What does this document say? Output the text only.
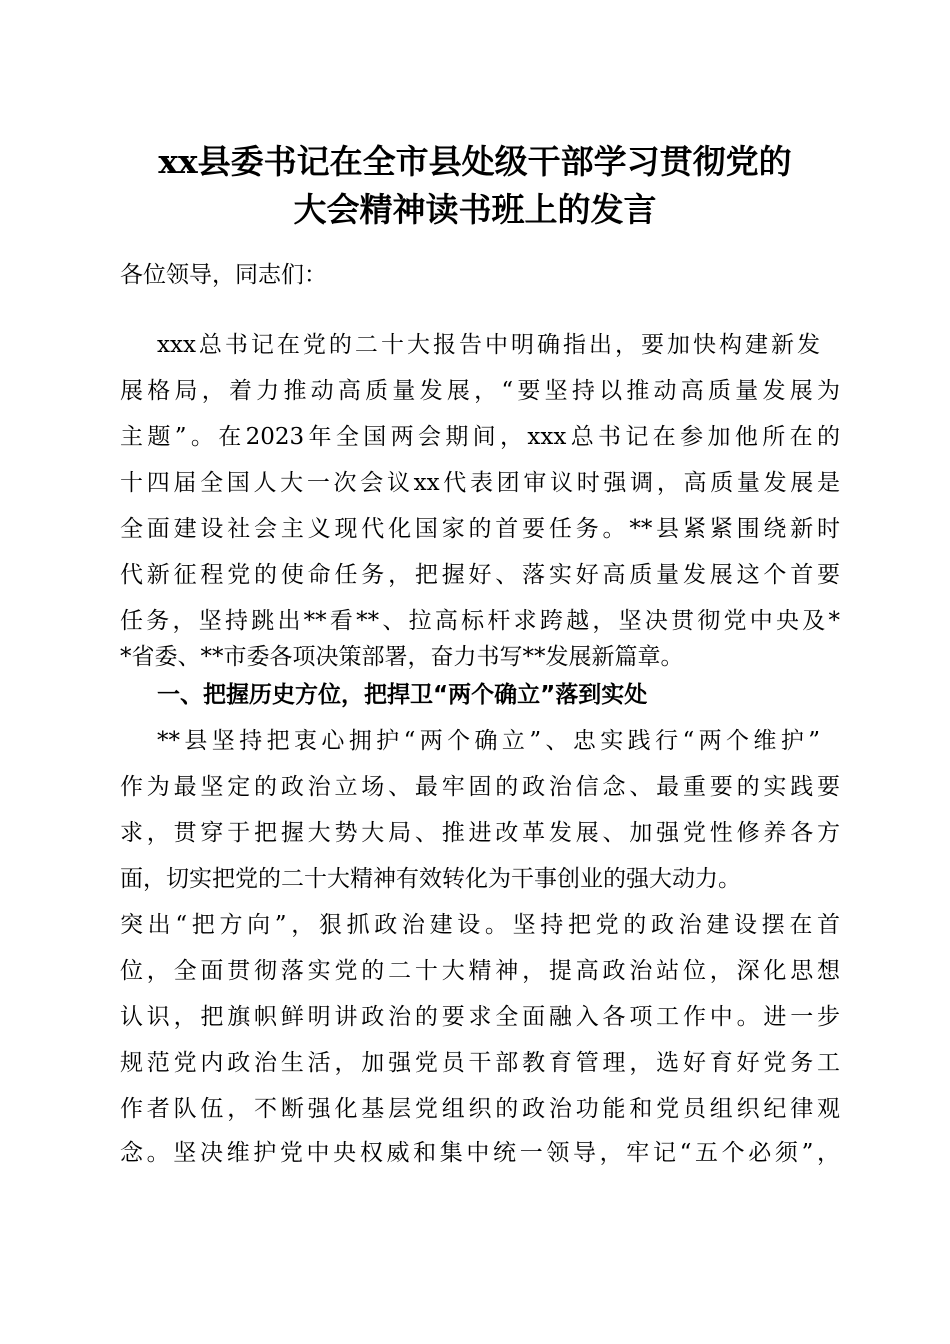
xx县委书记在全市县处级干部学习贯彻党的
大会精神读书班上的发言
各位领导，同志们：
xxx总书记在党的二十大报告中明确指出，要加快构建新发
展格局，着力推动高质量发展，“要坚持以推动高质量发展为
主题”。在2023年全国两会期间，xxx总书记在参加他所在的
十四届全国人大一次会议xx代表团审议时强调，高质量发展是
全面建设社会主义现代化国家的首要任务。**县紧紧围绕新时
代新征程党的使命任务，把握好、落实好高质量发展这个首要
任务，坚持跳出**看**、拉高标杆求跨越，坚决贯彻党中央及*
*省委、**市委各项决策部署，奋力书写**发展新篇章。
一、把握历史方位，把捍卫“两个确立”落到实处
**县坚持把衷心拥护“两个确立”、忠实践行“两个维护”
作为最坚定的政治立场、最牢固的政治信念、最重要的实践要
求，贯穿于把握大势大局、推进改革发展、加强党性修养各方
面，切实把党的二十大精神有效转化为干事创业的强大动力。
突出“把方向”，狠抓政治建设。坚持把党的政治建设摆在首
位，全面贯彻落实党的二十大精神，提高政治站位，深化思想
认识，把旗帜鲜明讲政治的要求全面融入各项工作中。进一步
规范党内政治生活，加强党员干部教育管理，选好育好党务工
作者队伍，不断强化基层党组织的政治功能和党员组织纪律观
念。坚决维护党中央权威和集中统一领导，牢记“五个必须”，
